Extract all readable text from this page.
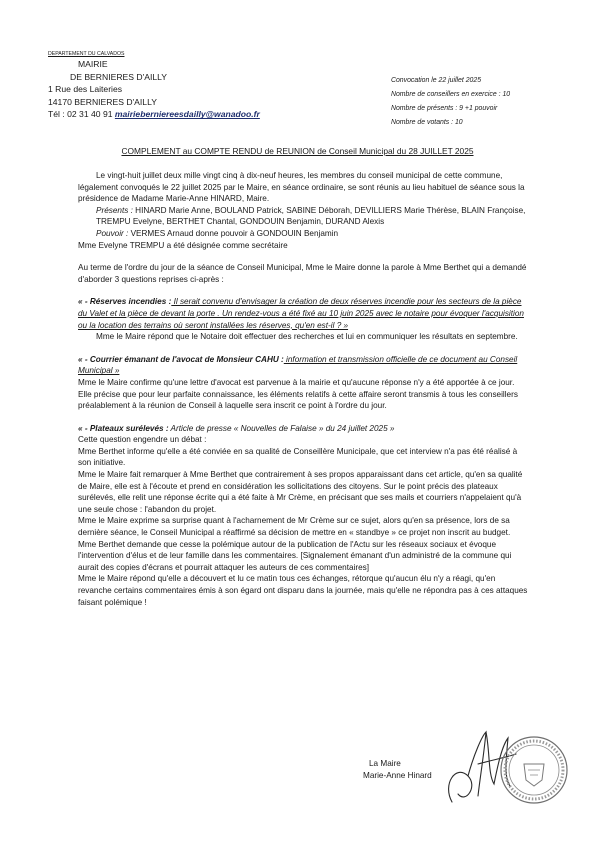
DEPARTEMENT DU CALVADOS
MAIRIE
DE BERNIERES D'AILLY
1 Rue des Laiteries
14170 BERNIERES D'AILLY
Tél : 02 31 40 91 mairieberniereesdailly@wanadoo.fr
Convocation le 22 juillet 2025
Nombre de conseillers en exercice : 10
Nombre de présents : 9 +1 pouvoir
Nombre de votants : 10
COMPLEMENT au COMPTE RENDU de REUNION de Conseil Municipal du 28 JUILLET 2025

Le vingt-huit juillet deux mille vingt cinq à dix-neuf heures, les membres du conseil municipal de cette commune, légalement convoqués le 22 juillet 2025 par le Maire, en séance ordinaire, se sont réunis au lieu habituel de séance sous la présidence de Madame Marie-Anne HINARD, Maire.

Présents : HINARD Marie Anne, BOULAND Patrick, SABINE Déborah, DEVILLIERS Marie Thérèse, BLAIN Françoise, TREMPU Evelyne, BERTHET Chantal, GONDOUIN Benjamin, DURAND Alexis

Pouvoir : VERMES Arnaud donne pouvoir à GONDOUIN Benjamin

Mme Evelyne TREMPU a été désignée comme secrétaire

Au terme de l'ordre du jour de la séance de Conseil Municipal, Mme le Maire donne la parole à Mme Berthet qui a demandé d'aborder 3 questions reprises ci-après :

« - Réserves incendies : Il serait convenu d'envisager la création de deux réserves incendie pour les secteurs de la pièce du Valet et la pièce de devant la porte . Un rendez-vous a été fixé au 10 juin 2025 avec le notaire pour évoquer l'acquisition ou la location des terrains où seront installées les réserves, qu'en est-il ? »

Mme le Maire répond que le Notaire doit effectuer des recherches et lui en communiquer les résultats en septembre.

« - Courrier émanant de l'avocat de Monsieur CAHU : information et transmission officielle de ce document au Conseil Municipal »

Mme le Maire confirme qu'une lettre d'avocat est parvenue à la mairie et qu'aucune réponse n'y a été apportée à ce jour. Elle précise que pour leur parfaite connaissance, les éléments relatifs à cette affaire seront transmis à tous les conseillers préalablement à la réunion de Conseil à laquelle sera inscrit ce point à l'ordre du jour.

« - Plateaux surélevés : Article de presse « Nouvelles de Falaise » du 24 juillet 2025 »

Cette question engendre un débat :

Mme Berthet informe qu'elle a été conviée en sa qualité de Conseillère Municipale, que cet interview n'a pas été réalisé à son initiative.

Mme le Maire fait remarquer à Mme Berthet que contrairement à ses propos apparaissant dans cet article, qu'en sa qualité de Maire, elle est à l'écoute et prend en considération les sollicitations des citoyens. Sur le point précis des plateaux surélevés, elle relit une réponse écrite qui a été faite à Mr Crème, en précisant que ses mails et courriers n'appelaient qu'à une seule chose : l'abandon du projet.

Mme le Maire exprime sa surprise quant à l'acharnement de Mr Crème sur ce sujet, alors qu'en sa présence, lors de sa dernière séance, le Conseil Municipal a réaffirmé sa décision de mettre en « standbye » ce projet non inscrit au budget.

Mme Berthet demande que cesse la polémique autour de la publication de l'Actu sur les réseaux sociaux et évoque l'intervention d'élus et de leur famille dans les commentaires. [Signalement émanant d'un administré de la commune qui aurait des copies d'écrans et pourrait attaquer les auteurs de ces commentaires]

Mme le Maire répond qu'elle a découvert et lu ce matin tous ces échanges, rétorque qu'aucun élu n'y a réagi, qu'en revanche certains commentaires émis à son égard ont disparu dans la journée, mais qu'elle ne répondra pas à ces attaques faisant polémique !

La Maire
Marie-Anne Hinard
